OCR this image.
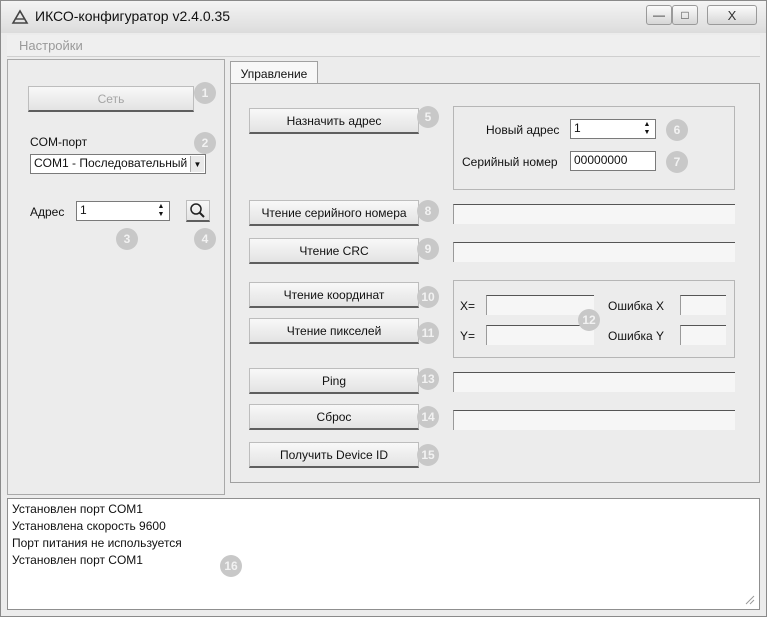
ИКСО-конфигуратор v2.4.0.35	— □	X
Настройки
Сеть	1
COM-порт	2
COM1 - Последовательный ▼
Адрес	1	▲
▼
3	4
Управление
Назначить адрес	5
Новый адрес	1	▲
▼	6
Серийный номер	00000000	7
Чтение серийного номера	8
Чтение CRC	9
Чтение координат	10
Чтение пикселей	11
X=
Y=
12
Ошибка X
Ошибка Y
Ping	13
Сброс	14
Получить Device ID	15
Установлен порт COM1
Установлена скорость 9600
Порт питания не используется
Установлен порт COM1	16
